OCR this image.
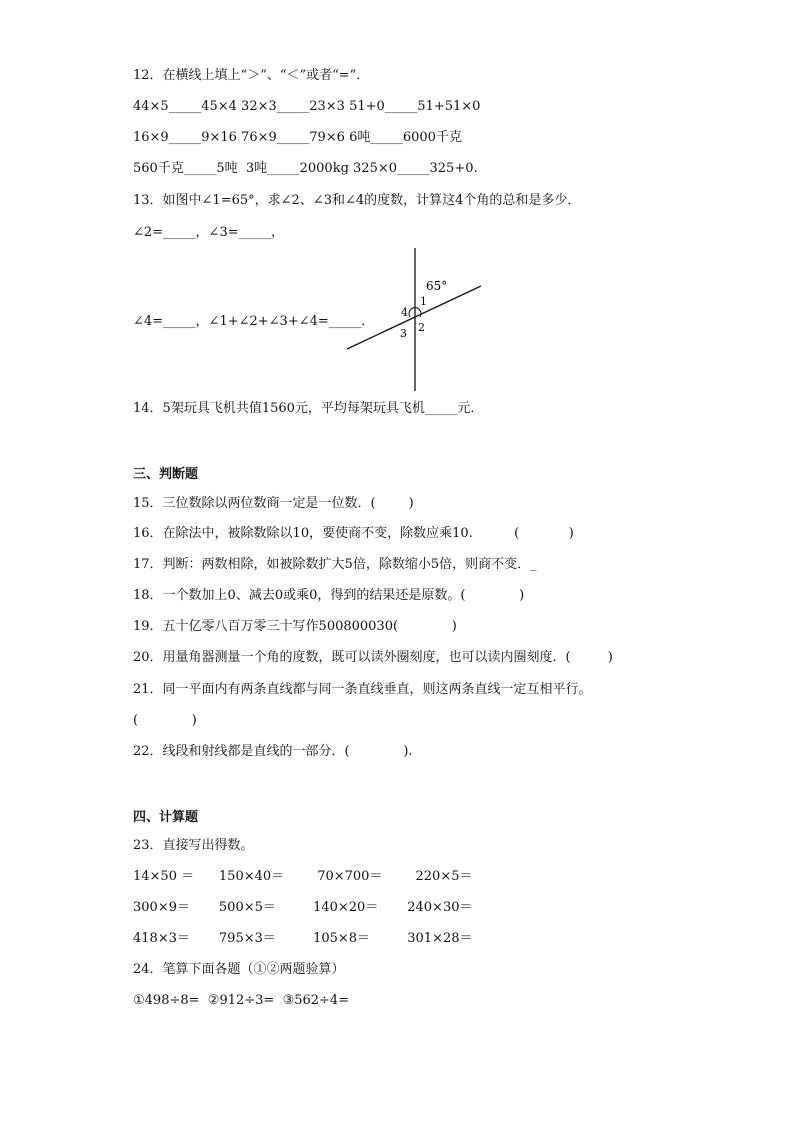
12．在横线上填上“＞”、“＜”或者“=”．
44×5_____45×4 32×3_____23×3 51+0_____51+51×0
16×9_____9×16 76×9_____79×6 6吨_____6000千克
560千克_____5吨  3吨_____2000kg 325×0_____325+0.
13．如图中∠1=65°，求∠2、∠3和∠4的度数，计算这4个角的总和是多少．
∠2=_____，∠3=_____，
∠4=_____，∠1+∠2+∠3+∠4=_____．
65°
1
2
3
4
14．5架玩具飞机共值1560元，平均每架玩具飞机_____元．
三、判断题
15．三位数除以两位数商一定是一位数．(        )
16．在除法中，被除数除以10，要使商不变，除数应乘10.          (            )
17．判断：两数相除，如被除数扩大5倍，除数缩小5倍，则商不变．_
18．一个数加上0、减去0或乘0，得到的结果还是原数。(             )
19．五十亿零八百万零三十写作500800030(             )
20．用量角器测量一个角的度数，既可以读外圈刻度，也可以读内圈刻度．(         )
21．同一平面内有两条直线都与同一条直线垂直，则这两条直线一定互相平行。
(             )
22．线段和射线都是直线的一部分．(             ).
四、计算题
23．直接写出得数。
14×50 ＝      150×40＝        70×700＝        220×5＝
300×9＝       500×5＝         140×20＝       240×30＝
418×3＝       795×3＝         105×8＝         301×28＝
24．笔算下面各题（①②两题验算）
①498÷8=  ②912÷3=  ③562÷4=
